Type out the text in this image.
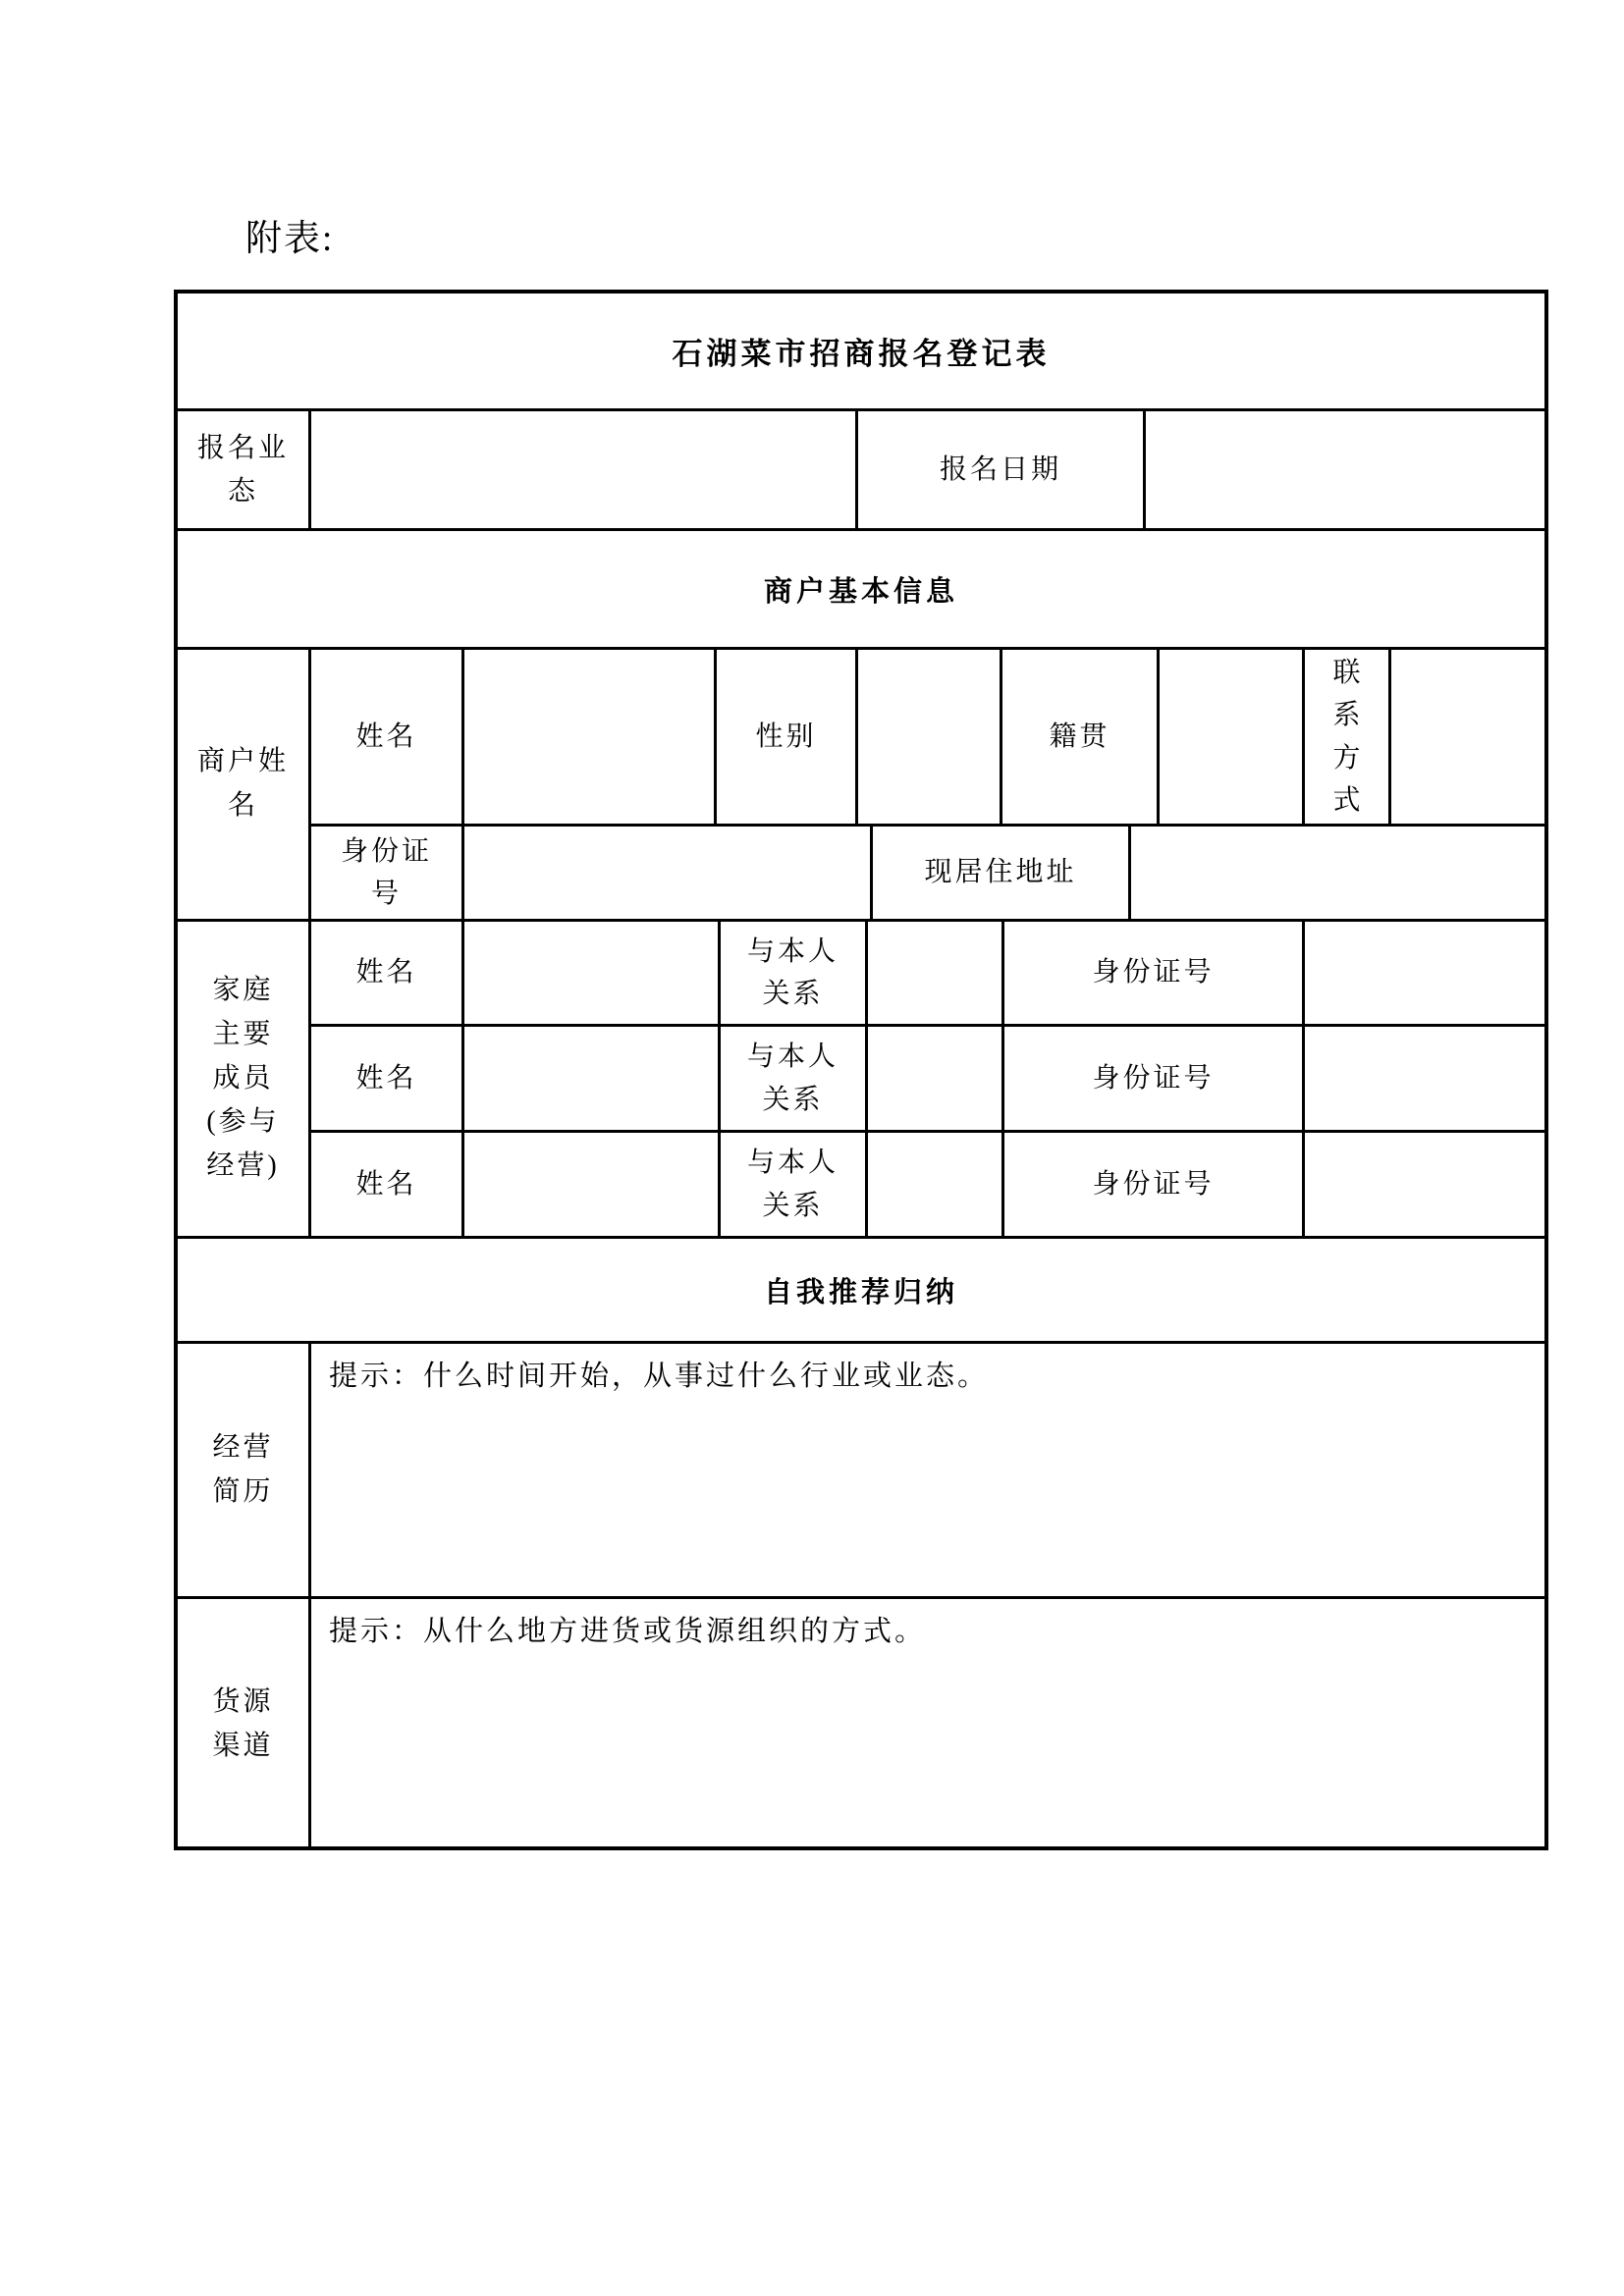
附表:
石湖菜市招商报名登记表
报名业态
报名日期
商户基本信息
商户姓名
姓名	性别	籍贯
联系方式
身份证号
现居住地址
家庭主要成员(参与经营)
姓名
与本人关系
身份证号
姓名
与本人关系
身份证号
姓名
与本人关系
身份证号
自我推荐归纳
经营简历
提示：什么时间开始，从事过什么行业或业态。
货源渠道
提示：从什么地方进货或货源组织的方式。
